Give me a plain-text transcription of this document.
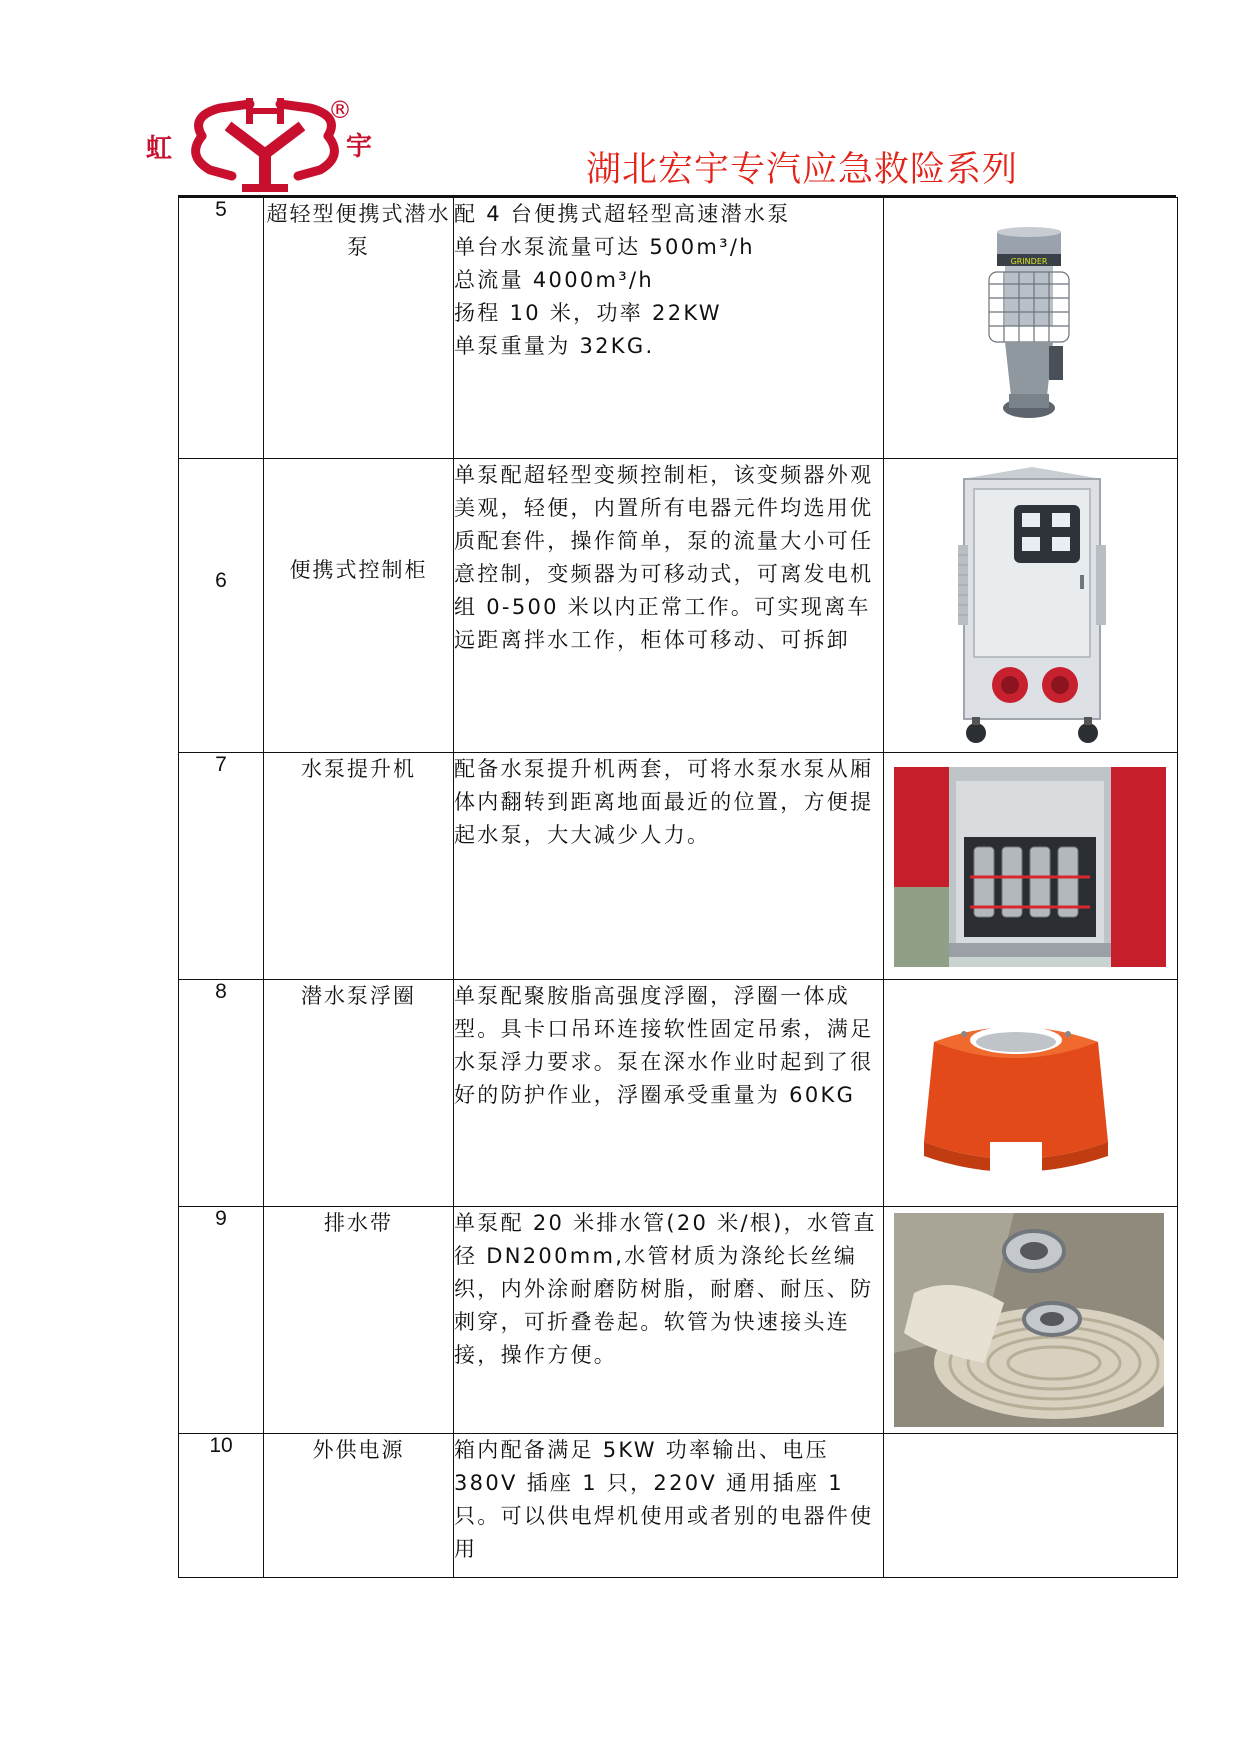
虹	宇
®
湖北宏宇专汽应急救险系列
5	超轻型便携式潜水泵	配 4 台便携式超轻型高速潜水泵

单台水泵流量可达 500m³/h

总流量 4000m³/h

扬程 10 米，功率 22KW

单泵重量为 32KG.	GRINDER

6	便携式控制柜	单泵配超轻型变频控制柜，该变频器外观美观，轻便，内置所有电器元件均选用优质配套件，操作简单，泵的流量大小可任意控制，变频器为可移动式，可离发电机组 0-500 米以内正常工作。可实现离车远距离拌水工作，柜体可移动、可拆卸

7	水泵提升机	配备水泵提升机两套，可将水泵水泵从厢体内翻转到距离地面最近的位置，方便提起水泵，大大减少人力。

8	潜水泵浮圈	单泵配聚胺脂高强度浮圈，浮圈一体成型。具卡口吊环连接软性固定吊索，满足水泵浮力要求。泵在深水作业时起到了很好的防护作业，浮圈承受重量为 60KG

9	排水带	单泵配 20 米排水管(20 米/根)，水管直径 DN200mm,水管材质为涤纶长丝编织，内外涂耐磨防树脂，耐磨、耐压、防刺穿，可折叠卷起。软管为快速接头连接，操作方便。

10	外供电源	箱内配备满足 5KW 功率输出、电压380V 插座 1 只，220V 通用插座 1 只。可以供电焊机使用或者别的电器件使用	
